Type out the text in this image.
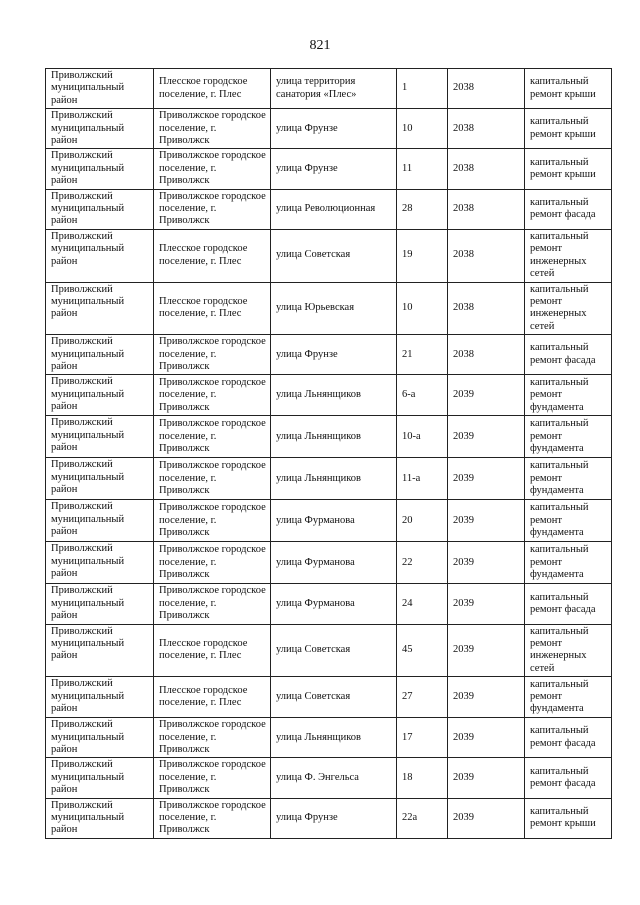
821
Приволжский муниципальный район	Плесское городское поселение, г. Плес	улица территория санатория «Плес»	1	2038	капитальный ремонт крыши
Приволжский муниципальный район	Приволжское городское поселение, г. Приволжск	улица Фрунзе	10	2038	капитальный ремонт крыши
Приволжский муниципальный район	Приволжское городское поселение, г. Приволжск	улица Фрунзе	11	2038	капитальный ремонт крыши
Приволжский муниципальный район	Приволжское городское поселение, г. Приволжск	улица Революционная	28	2038	капитальный ремонт фасада
Приволжский муниципальный район	Плесское городское поселение, г. Плес	улица Советская	19	2038	капитальный ремонт инженерных сетей
Приволжский муниципальный район	Плесское городское поселение, г. Плес	улица Юрьевская	10	2038	капитальный ремонт инженерных сетей
Приволжский муниципальный район	Приволжское городское поселение, г. Приволжск	улица Фрунзе	21	2038	капитальный ремонт фасада
Приволжский муниципальный район	Приволжское городское поселение, г. Приволжск	улица Льнянщиков	6-а	2039	капитальный ремонт фундамента
Приволжский муниципальный район	Приволжское городское поселение, г. Приволжск	улица Льнянщиков	10-а	2039	капитальный ремонт фундамента
Приволжский муниципальный район	Приволжское городское поселение, г. Приволжск	улица Льнянщиков	11-а	2039	капитальный ремонт фундамента
Приволжский муниципальный район	Приволжское городское поселение, г. Приволжск	улица Фурманова	20	2039	капитальный ремонт фундамента
Приволжский муниципальный район	Приволжское городское поселение, г. Приволжск	улица Фурманова	22	2039	капитальный ремонт фундамента
Приволжский муниципальный район	Приволжское городское поселение, г. Приволжск	улица Фурманова	24	2039	капитальный ремонт фасада
Приволжский муниципальный район	Плесское городское поселение, г. Плес	улица Советская	45	2039	капитальный ремонт инженерных сетей
Приволжский муниципальный район	Плесское городское поселение, г. Плес	улица Советская	27	2039	капитальный ремонт фундамента
Приволжский муниципальный район	Приволжское городское поселение, г. Приволжск	улица Льнянщиков	17	2039	капитальный ремонт фасада
Приволжский муниципальный район	Приволжское городское поселение, г. Приволжск	улица Ф. Энгельса	18	2039	капитальный ремонт фасада
Приволжский муниципальный район	Приволжское городское поселение, г. Приволжск	улица Фрунзе	22а	2039	капитальный ремонт крыши
